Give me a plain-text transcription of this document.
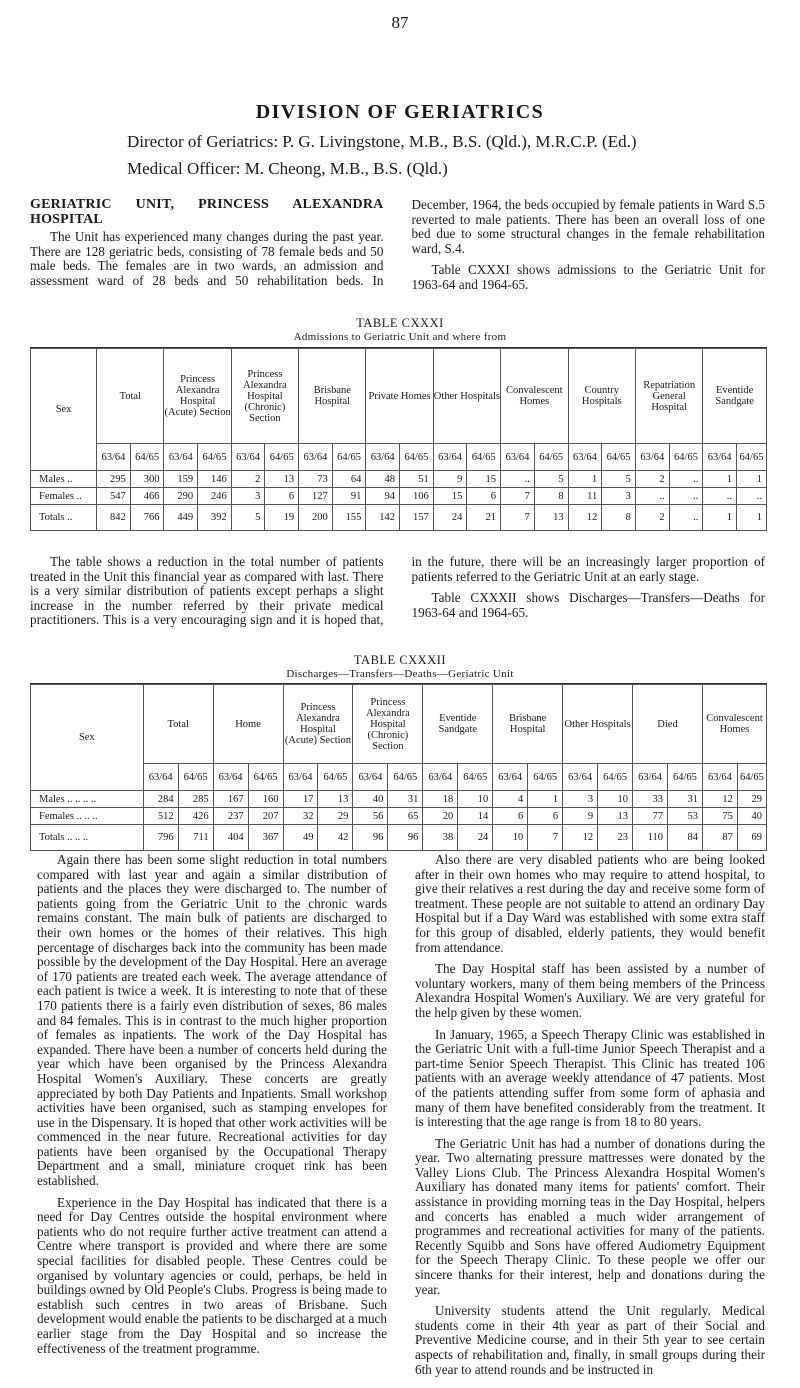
87
DIVISION OF GERIATRICS
Director of Geriatrics: P. G. Livingstone, M.B., B.S. (Qld.), M.R.C.P. (Ed.)
Medical Officer: M. Cheong, M.B., B.S. (Qld.)

GERIATRIC UNIT, PRINCESS ALEXANDRA HOSPITAL

The Unit has experienced many changes during the past year. There are 128 geriatric beds, consisting of 78 female beds and 50 male beds. The females are in two wards, an admission and assessment ward of 28 beds and 50 rehabilitation beds. In December, 1964, the beds occupied by female patients in Ward S.5 reverted to male patients. There has been an overall loss of one bed due to some structural changes in the female rehabilitation ward, S.4.

Table CXXXI shows admissions to the Geriatric Unit for 1963-64 and 1964-65.

TABLE CXXXI
Admissions to Geriatric Unit and where from
Sex	Total		Princess Alexandra Hospital (Acute) Section		Princess Alexandra Hospital (Chronic) Section		Brisbane Hospital		Private Homes		Other Hospitals		Convalescent Homes		Country Hospitals		Repatriation General Hospital		Eventide Sandgate	
	63/64	64/65	63/64	64/65	63/64	64/65	63/64	64/65	63/64	64/65	63/64	64/65	63/64	64/65	63/64	64/65	63/64	64/65	63/64	64/65
Males ..	295	300	159	146	2	13	73	64	48	51	9	15	..	5	1	5	2	..	1	1
Females ..	547	466	290	246	3	6	127	91	94	106	15	6	7	8	11	3	..	..	..	..
Totals ..	842	766	449	392	5	19	200	155	142	157	24	21	7	13	12	8	2	..	1	1

The table shows a reduction in the total number of patients treated in the Unit this financial year as compared with last. There is a very similar distribution of patients except perhaps a slight increase in the number referred by their private medical practitioners. This is a very encouraging sign and it is hoped that, in the future, there will be an increasingly larger proportion of patients referred to the Geriatric Unit at an early stage.

Table CXXXII shows Discharges—Transfers—Deaths for 1963-64 and 1964-65.

TABLE CXXXII
Discharges—Transfers—Deaths—Geriatric Unit
Sex	Total		Home		Princess Alexandra Hospital (Acute) Section		Princess Alexandra Hospital (Chronic) Section		Eventide Sandgate		Brisbane Hospital		Other Hospitals		Died		Convalescent Homes	
	63/64	64/65	63/64	64/65	63/64	64/65	63/64	64/65	63/64	64/65	63/64	64/65	63/64	64/65	63/64	64/65	63/64	64/65
Males .. .. .. ..	284	285	167	160	17	13	40	31	18	10	4	1	3	10	33	31	12	29
Females .. .. ..	512	426	237	207	32	29	56	65	20	14	6	6	9	13	77	53	75	40
Totals .. .. ..	796	711	404	367	49	42	96	96	38	24	10	7	12	23	110	84	87	69

Again there has been some slight reduction in total numbers compared with last year and again a similar distribution of patients and the places they were discharged to. The number of patients going from the Geriatric Unit to the chronic wards remains constant. The main bulk of patients are discharged to their own homes or the homes of their relatives. This high percentage of discharges back into the community has been made possible by the development of the Day Hospital. Here an average of 170 patients are treated each week. The average attendance of each patient is twice a week. It is interesting to note that of these 170 patients there is a fairly even distribution of sexes, 86 males and 84 females. This is in contrast to the much higher proportion of females as inpatients. The work of the Day Hospital has expanded. There have been a number of concerts held during the year which have been organised by the Princess Alexandra Hospital Women's Auxiliary. These concerts are greatly appreciated by both Day Patients and Inpatients. Small workshop activities have been organised, such as stamping envelopes for use in the Dispensary. It is hoped that other work activities will be commenced in the near future. Recreational activities for day patients have been organised by the Occupational Therapy Department and a small, miniature croquet rink has been established.

Experience in the Day Hospital has indicated that there is a need for Day Centres outside the hospital environment where patients who do not require further active treatment can attend a Centre where transport is provided and where there are some special facilities for disabled people. These Centres could be organised by voluntary agencies or could, perhaps, be held in buildings owned by Old People's Clubs. Progress is being made to establish such centres in two areas of Brisbane. Such development would enable the patients to be discharged at a much earlier stage from the Day Hospital and so increase the effectiveness of the treatment programme.

Also there are very disabled patients who are being looked after in their own homes who may require to attend hospital, to give their relatives a rest during the day and receive some form of treatment. These people are not suitable to attend an ordinary Day Hospital but if a Day Ward was established with some extra staff for this group of disabled, elderly patients, they would benefit from attendance.

The Day Hospital staff has been assisted by a number of voluntary workers, many of them being members of the Princess Alexandra Hospital Women's Auxiliary. We are very grateful for the help given by these women.

In January, 1965, a Speech Therapy Clinic was established in the Geriatric Unit with a full-time Junior Speech Therapist and a part-time Senior Speech Therapist. This Clinic has treated 106 patients with an average weekly attendance of 47 patients. Most of the patients attending suffer from some form of aphasia and many of them have benefited considerably from the treatment. It is interesting that the age range is from 18 to 80 years.

The Geriatric Unit has had a number of donations during the year. Two alternating pressure mattresses were donated by the Valley Lions Club. The Princess Alexandra Hospital Women's Auxiliary has donated many items for patients' comfort. Their assistance in providing morning teas in the Day Hospital, helpers and concerts has enabled a much wider arrangement of programmes and recreational activities for many of the patients. Recently Squibb and Sons have offered Audiometry Equipment for the Speech Therapy Clinic. To these people we offer our sincere thanks for their interest, help and donations during the year.

University students attend the Unit regularly. Medical students come in their 4th year as part of their Social and Preventive Medicine course, and in their 5th year to see certain aspects of rehabilitation and, finally, in small groups during their 6th year to attend rounds and be instructed in
